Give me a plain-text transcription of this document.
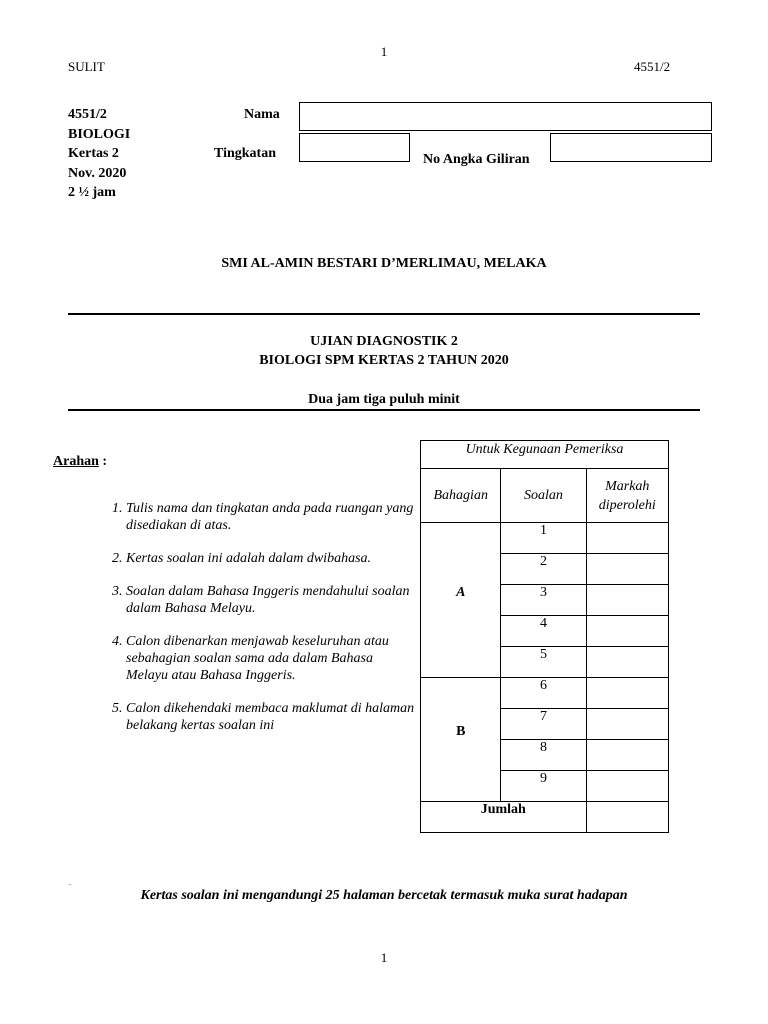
1
SULIT	4551/2
4551/2
BIOLOGI
Kertas 2
Nov. 2020
2 ½ jam
Nama
Tingkatan	No Angka Giliran
SMI AL-AMIN BESTARI D’MERLIMAU, MELAKA
UJIAN DIAGNOSTIK 2
BIOLOGI SPM KERTAS 2 TAHUN 2020
Dua jam tiga puluh minit
Arahan :
1. Tulis nama dan tingkatan anda pada ruangan yang disediakan di atas.
2. Kertas soalan ini adalah dalam dwibahasa.
3. Soalan dalam Bahasa Inggeris mendahului soalan dalam Bahasa Melayu.
4. Calon dibenarkan menjawab keseluruhan atau sebahagian soalan sama ada dalam Bahasa Melayu atau Bahasa Inggeris.
5. Calon dikehendaki membaca maklumat di halaman belakang kertas soalan ini
Untuk Kegunaan Pemeriksa		
Bahagian	Soalan	Markah diperolehi
A	1	
	2	
	3	
	4	
	5	
B	6	
	7	
	8	
	9	
Jumlah		
.
Kertas soalan ini mengandungi 25 halaman bercetak termasuk muka surat hadapan
1
